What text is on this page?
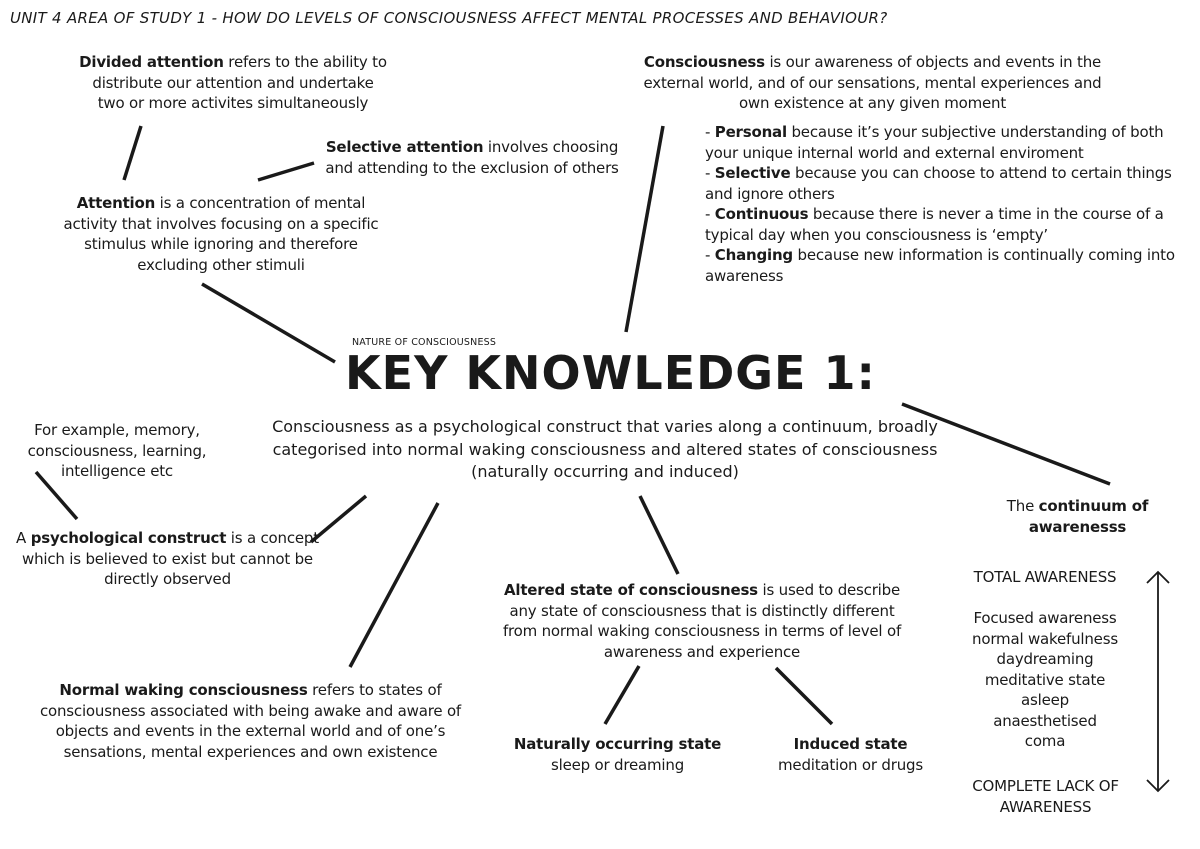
UNIT 4 AREA OF STUDY 1 - HOW DO LEVELS OF CONSCIOUSNESS AFFECT MENTAL PROCESSES AND BEHAVIOUR?
Divided attention refers to the ability to distribute our attention and undertake two or more activites simultaneously
Selective attention involves choosing and attending to the exclusion of others
Attention is a concentration of mental activity that involves focusing on a specific stimulus while ignoring and therefore excluding other stimuli
Consciousness is our awareness of objects and events in the external world, and of our sensations, mental experiences and own existence at any given moment
- Personal because it’s your subjective understanding of both your unique internal world and external enviroment
- Selective because you can choose to attend to certain things and ignore others
- Continuous because there is never a time in the course of a typical day when you consciousness is ‘empty’
- Changing because new information is continually coming into awareness
NATURE OF CONSCIOUSNESS
KEY KNOWLEDGE 1:
Consciousness as a psychological construct that varies along a continuum, broadly categorised into normal waking consciousness and altered states of consciousness (naturally occurring and induced)
For example, memory, consciousness, learning, intelligence etc
A psychological construct is a concept which is believed to exist but cannot be directly observed
Normal waking consciousness refers to states of consciousness associated with being awake and aware of objects and events in the external world and of one’s sensations, mental experiences and own existence
Altered state of consciousness is used to describe any state of consciousness that is distinctly different from normal waking consciousness in terms of level of awareness and experience
Naturally occurring state
sleep or dreaming
Induced state
meditation or drugs
The continuum of awarenesss
TOTAL AWARENESS
Focused awareness
normal wakefulness
daydreaming
meditative state
asleep
anaesthetised
coma
COMPLETE LACK OF AWARENESS
